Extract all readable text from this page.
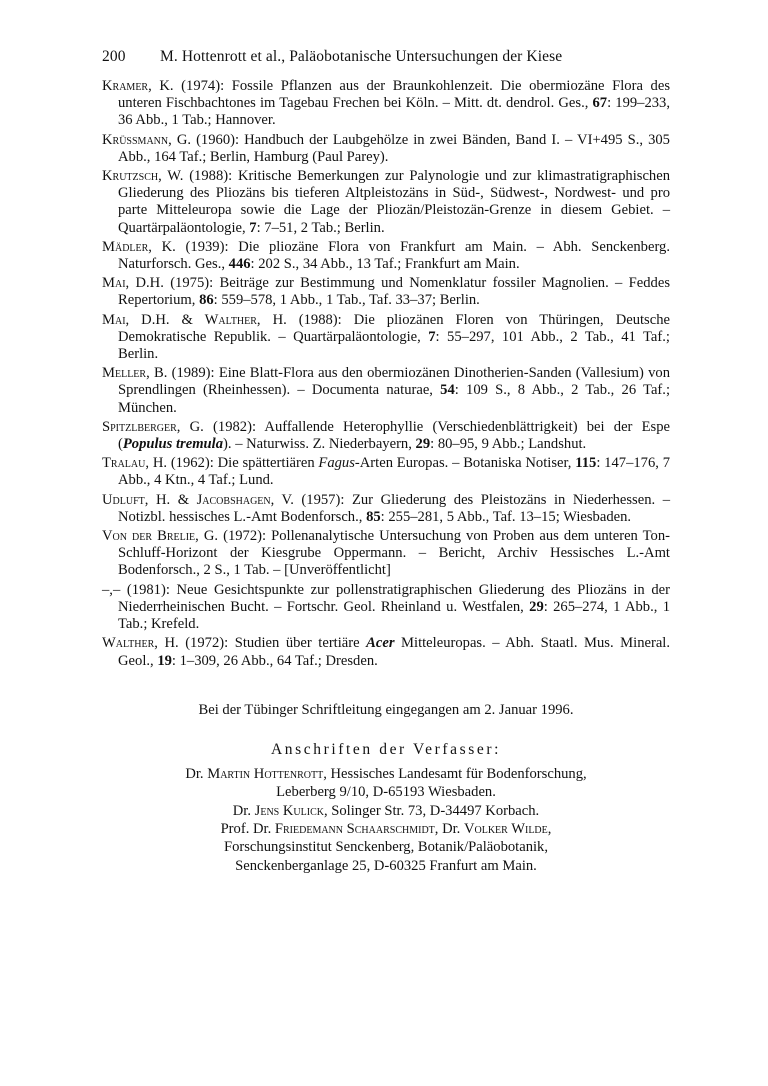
200 M. Hottenrott et al., Paläobotanische Untersuchungen der Kiese

Kramer, K. (1974): Fossile Pflanzen aus der Braunkohlenzeit. Die obermiozäne Flora des unteren Fischbachtones im Tagebau Frechen bei Köln. – Mitt. dt. dendrol. Ges., 67: 199–233, 36 Abb., 1 Tab.; Hannover.

Krüssmann, G. (1960): Handbuch der Laubgehölze in zwei Bänden, Band I. – VI+495 S., 305 Abb., 164 Taf.; Berlin, Hamburg (Paul Parey).

Krutzsch, W. (1988): Kritische Bemerkungen zur Palynologie und zur klimastratigraphischen Gliederung des Pliozäns bis tieferen Altpleistozäns in Süd-, Südwest-, Nordwest- und pro parte Mitteleuropa sowie die Lage der Pliozän/Pleistozän-Grenze in diesem Gebiet. – Quartärpaläontologie, 7: 7–51, 2 Tab.; Berlin.

Mädler, K. (1939): Die pliozäne Flora von Frankfurt am Main. – Abh. Senckenberg. Naturforsch. Ges., 446: 202 S., 34 Abb., 13 Taf.; Frankfurt am Main.

Mai, D.H. (1975): Beiträge zur Bestimmung und Nomenklatur fossiler Magnolien. – Feddes Repertorium, 86: 559–578, 1 Abb., 1 Tab., Taf. 33–37; Berlin.

Mai, D.H. & Walther, H. (1988): Die pliozänen Floren von Thüringen, Deutsche Demokratische Republik. – Quartärpaläontologie, 7: 55–297, 101 Abb., 2 Tab., 41 Taf.; Berlin.

Meller, B. (1989): Eine Blatt-Flora aus den obermiozänen Dinotherien-Sanden (Vallesium) von Sprendlingen (Rheinhessen). – Documenta naturae, 54: 109 S., 8 Abb., 2 Tab., 26 Taf.; München.

Spitzlberger, G. (1982): Auffallende Heterophyllie (Verschiedenblättrigkeit) bei der Espe (Populus tremula). – Naturwiss. Z. Niederbayern, 29: 80–95, 9 Abb.; Landshut.

Tralau, H. (1962): Die spättertiären Fagus-Arten Europas. – Botaniska Notiser, 115: 147–176, 7 Abb., 4 Ktn., 4 Taf.; Lund.

Udluft, H. & Jacobshagen, V. (1957): Zur Gliederung des Pleistozäns in Niederhessen. – Notizbl. hessisches L.-Amt Bodenforsch., 85: 255–281, 5 Abb., Taf. 13–15; Wiesbaden.

Von der Brelie, G. (1972): Pollenanalytische Untersuchung von Proben aus dem unteren Ton-Schluff-Horizont der Kiesgrube Oppermann. – Bericht, Archiv Hessisches L.-Amt Bodenforsch., 2 S., 1 Tab. – [Unveröffentlicht]

–,– (1981): Neue Gesichtspunkte zur pollenstratigraphischen Gliederung des Pliozäns in der Niederrheinischen Bucht. – Fortschr. Geol. Rheinland u. Westfalen, 29: 265–274, 1 Abb., 1 Tab.; Krefeld.

Walther, H. (1972): Studien über tertiäre Acer Mitteleuropas. – Abh. Staatl. Mus. Mineral. Geol., 19: 1–309, 26 Abb., 64 Taf.; Dresden.

Bei der Tübinger Schriftleitung eingegangen am 2. Januar 1996.
Anschriften der Verfasser:
Dr. Martin Hottenrott, Hessisches Landesamt für Bodenforschung,
Leberberg 9/10, D-65193 Wiesbaden.
Dr. Jens Kulick, Solinger Str. 73, D-34497 Korbach.
Prof. Dr. Friedemann Schaarschmidt, Dr. Volker Wilde,
Forschungsinstitut Senckenberg, Botanik/Paläobotanik,
Senckenberganlage 25, D-60325 Franfurt am Main.
